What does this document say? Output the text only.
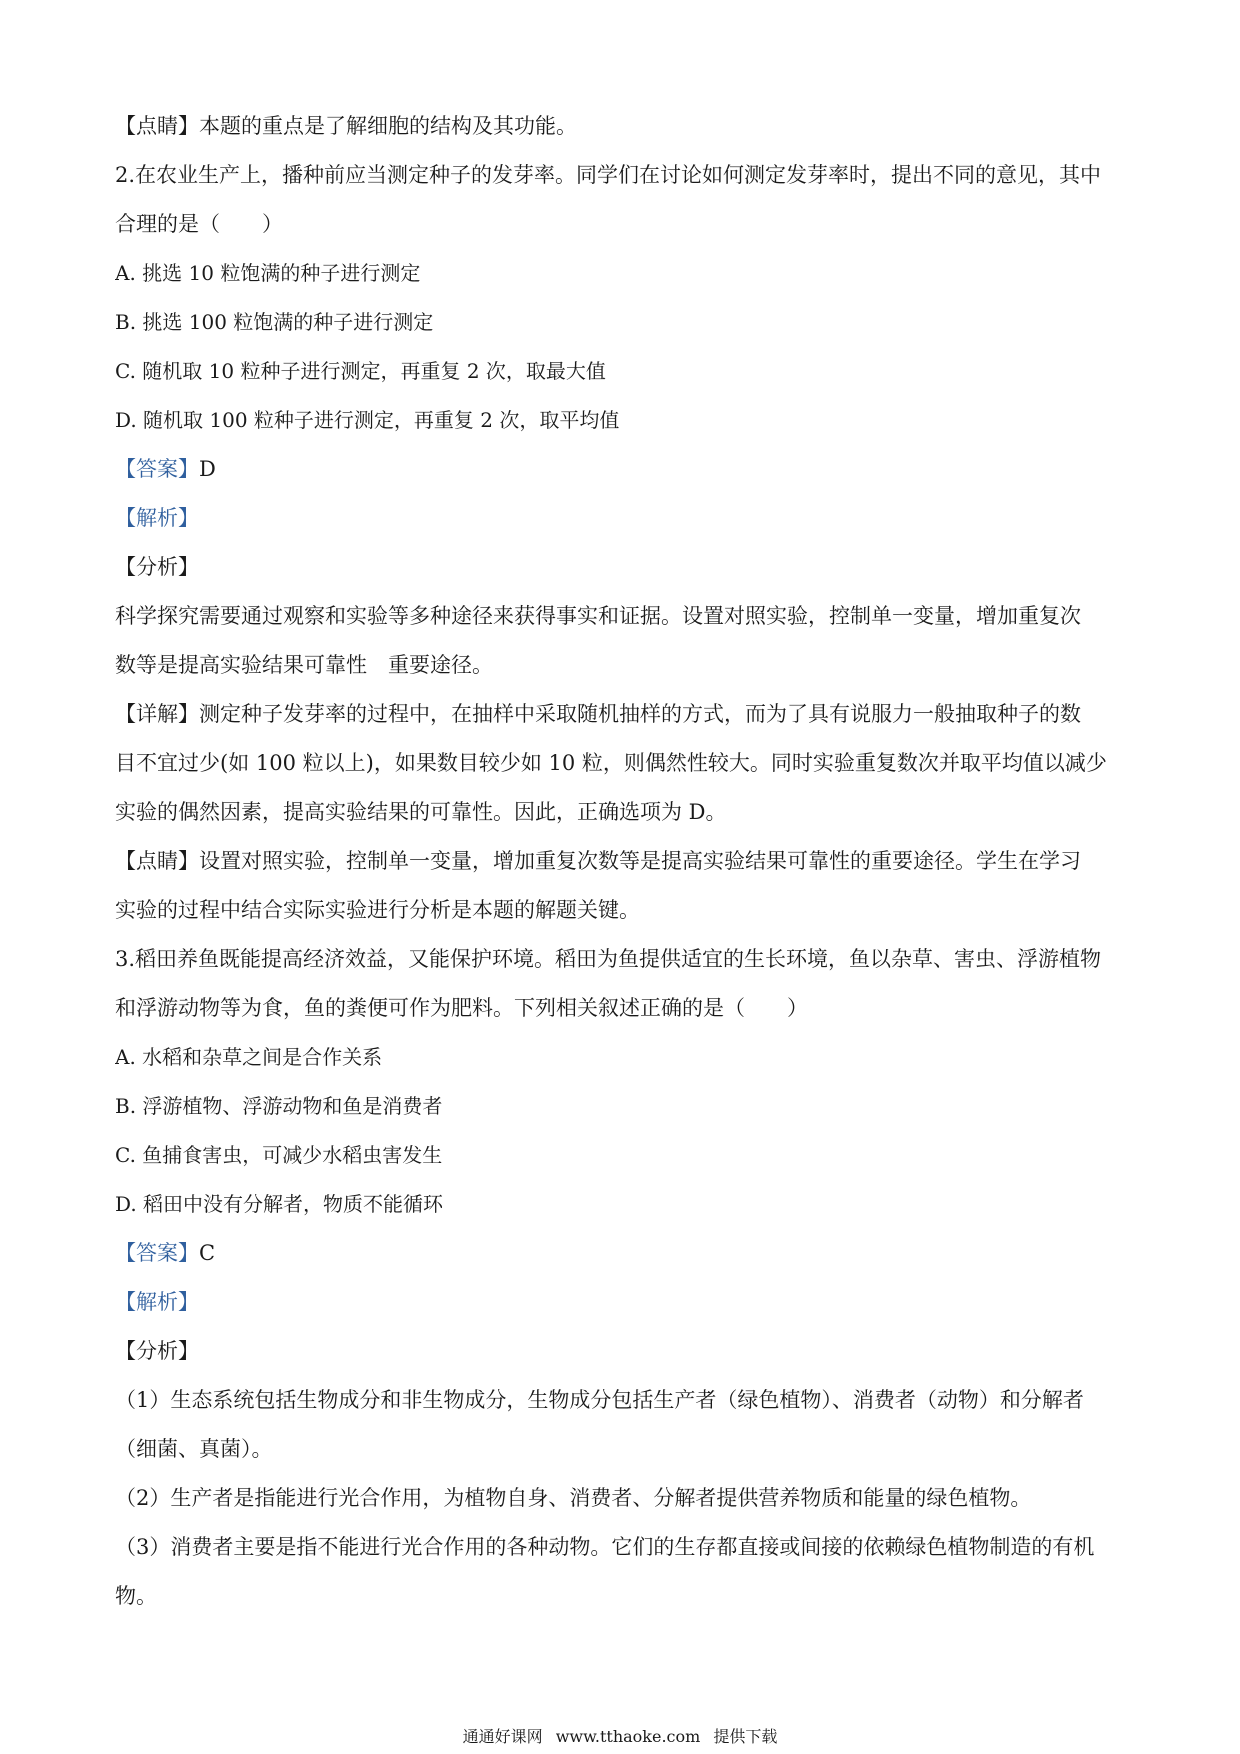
【点睛】本题的重点是了解细胞的结构及其功能。
2.在农业生产上，播种前应当测定种子的发芽率。同学们在讨论如何测定发芽率时，提出不同的意见，其中
合理的是（　　）
A. 挑选 10 粒饱满的种子进行测定
B. 挑选 100 粒饱满的种子进行测定
C. 随机取 10 粒种子进行测定，再重复 2 次，取最大值
D. 随机取 100 粒种子进行测定，再重复 2 次，取平均值
【答案】D
【解析】
【分析】
科学探究需要通过观察和实验等多种途径来获得事实和证据。设置对照实验，控制单一变量，增加重复次
数等是提高实验结果可靠性　重要途径。
【详解】测定种子发芽率的过程中，在抽样中采取随机抽样的方式，而为了具有说服力一般抽取种子的数
目不宜过少(如 100 粒以上)，如果数目较少如 10 粒，则偶然性较大。同时实验重复数次并取平均值以减少
实验的偶然因素，提高实验结果的可靠性。因此，正确选项为 D。
【点睛】设置对照实验，控制单一变量，增加重复次数等是提高实验结果可靠性的重要途径。学生在学习
实验的过程中结合实际实验进行分析是本题的解题关键。
3.稻田养鱼既能提高经济效益，又能保护环境。稻田为鱼提供适宜的生长环境，鱼以杂草、害虫、浮游植物
和浮游动物等为食，鱼的粪便可作为肥料。下列相关叙述正确的是（　　）
A. 水稻和杂草之间是合作关系
B. 浮游植物、浮游动物和鱼是消费者
C. 鱼捕食害虫，可减少水稻虫害发生
D. 稻田中没有分解者，物质不能循环
【答案】C
【解析】
【分析】
（1）生态系统包括生物成分和非生物成分，生物成分包括生产者（绿色植物）、消费者（动物）和分解者
（细菌、真菌）。
（2）生产者是指能进行光合作用，为植物自身、消费者、分解者提供营养物质和能量的绿色植物。
（3）消费者主要是指不能进行光合作用的各种动物。它们的生存都直接或间接的依赖绿色植物制造的有机
物。
通通好课网 www.tthaoke.com 提供下载
